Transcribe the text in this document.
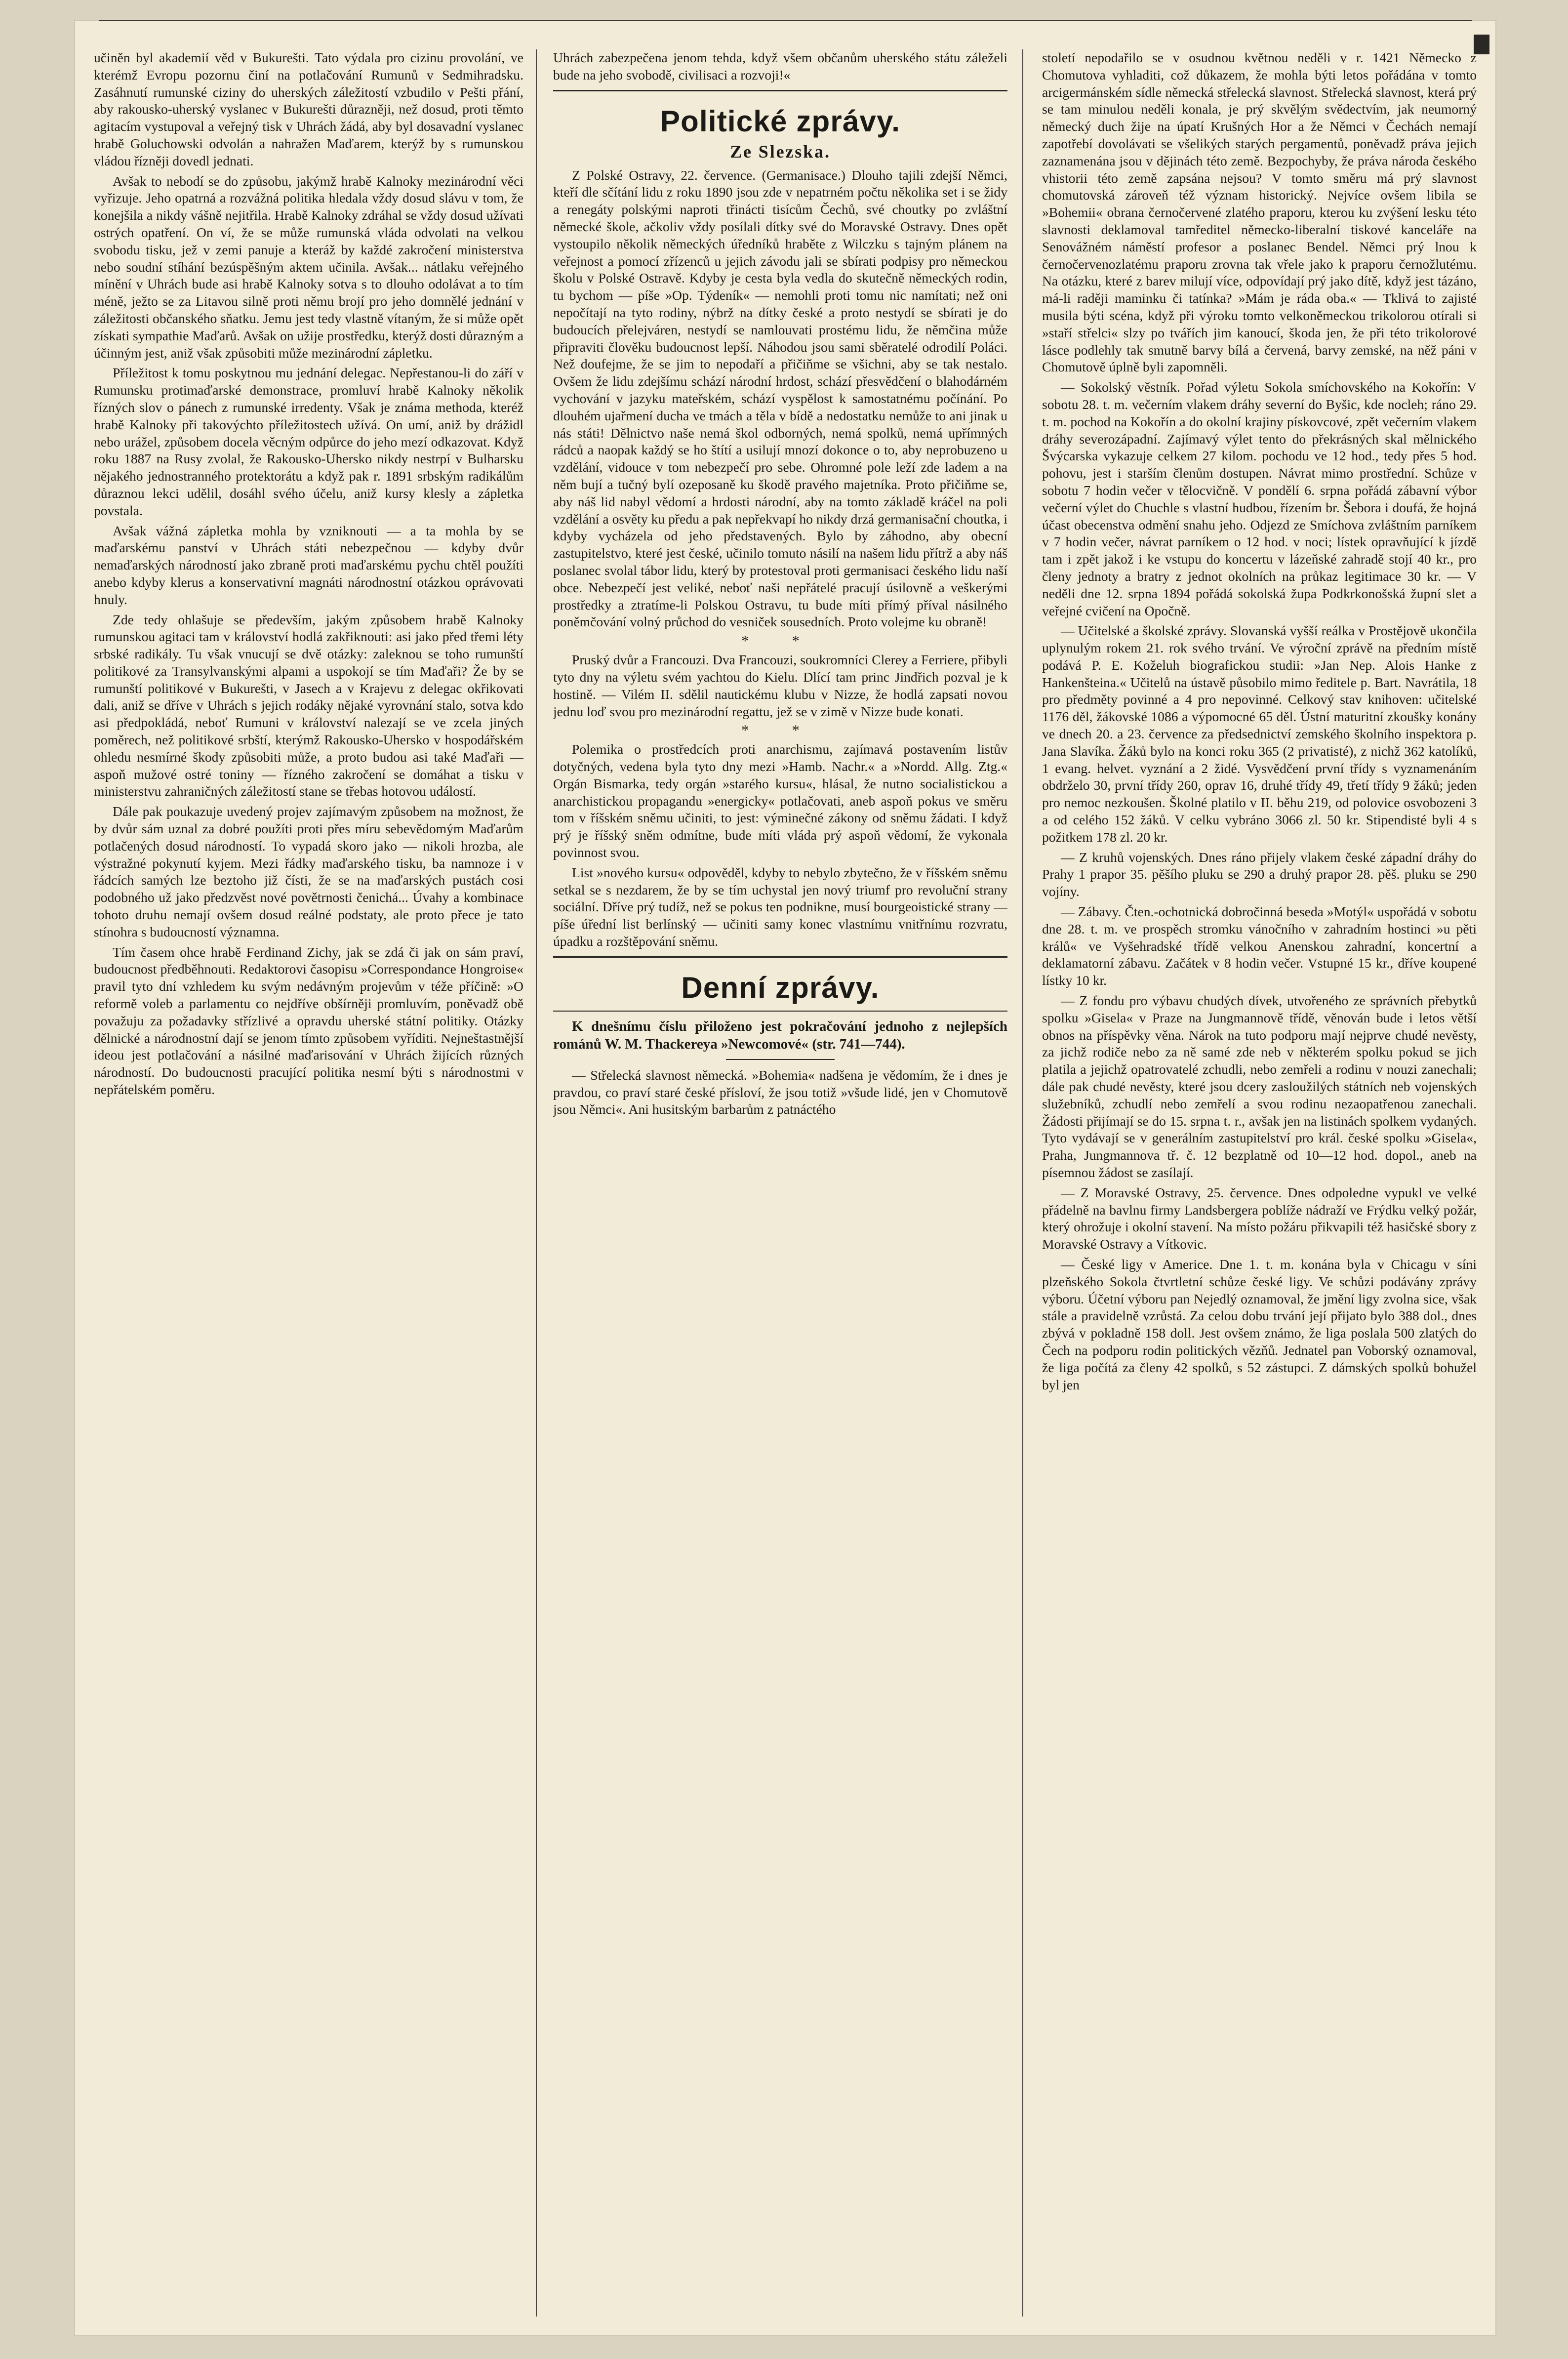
učiněn byl akademií věd v Bukurešti. Tato výdala pro cizinu provolání, ve kterémž Evropu pozornu činí na potlačování Rumunů v Sedmihradsku. Zasáhnutí rumunské ciziny do uherských záležitostí vzbudilo v Pešti přání, aby rakousko-uherský vyslanec v Bukurešti důrazněji, než dosud, proti těmto agitacím vystupoval a veřejný tisk v Uhrách žádá, aby byl dosavadní vyslanec hrabě Goluchowski odvolán a nahražen Maďarem, kterýž by s rumunskou vládou řízněji dovedl jednati.

Avšak to nebodí se do způsobu, jakýmž hrabě Kalnoky mezinárodní věci vyřizuje. Jeho opatrná a rozvážná politika hledala vždy dosud slávu v tom, že konejšila a nikdy vášně nejitřila. Hrabě Kalnoky zdráhal se vždy dosud užívati ostrých opatření. On ví, že se může rumunská vláda odvolati na velkou svobodu tisku, jež v zemi panuje a kteráž by každé zakročení ministerstva nebo soudní stíhání bezúspěšným aktem učinila. Avšak... nátlaku veřejného mínění v Uhrách bude asi hrabě Kalnoky sotva s to dlouho odolávat a to tím méně, ježto se za Litavou silně proti němu brojí pro jeho domnělé jednání v záležitosti občanského sňatku. Jemu jest tedy vlastně vítaným, že si může opět získati sympathie Maďarů. Avšak on užije prostředku, kterýž dosti důrazným a účinným jest, aniž však způsobiti může mezinárodní zápletku.

Příležitost k tomu poskytnou mu jednání delegac. Nepřestanou-li do září v Rumunsku protimaďarské demonstrace, promluví hrabě Kalnoky několik řízných slov o pánech z rumunské irredenty. Však je známa methoda, kteréž hrabě Kalnoky při takovýchto příležitostech užívá. On umí, aniž by drážidl nebo urážel, způsobem docela věcným odpůrce do jeho mezí odkazovat. Když roku 1887 na Rusy zvolal, že Rakousko-Uhersko nikdy nestrpí v Bulharsku nějakého jednostranného protektorátu a když pak r. 1891 srbským radikálům důraznou lekci udělil, dosáhl svého účelu, aniž kursy klesly a zápletka povstala.

Avšak vážná zápletka mohla by vzniknouti — a ta mohla by se maďarskému panství v Uhrách státi nebezpečnou — kdyby dvůr nemaďarských národností jako zbraně proti maďarskému pychu chtěl použíti anebo kdyby klerus a konservativní magnáti národnostní otázkou oprávovati hnuly.

Zde tedy ohlašuje se především, jakým způsobem hrabě Kalnoky rumunskou agitaci tam v království hodlá zakřiknouti: asi jako před třemi léty srbské radikály. Tu však vnucují se dvě otázky: zaleknou se toho rumunští politikové za Transylvanskými alpami a uspokojí se tím Maďaři? Že by se rumunští politikové v Bukurešti, v Jasech a v Krajevu z delegac okřikovati dali, aniž se dříve v Uhrách s jejich rodáky nějaké vyrovnání stalo, sotva kdo asi předpokládá, neboť Rumuni v království nalezají se ve zcela jiných poměrech, než politikové srbští, kterýmž Rakousko-Uhersko v hospodářském ohledu nesmírné škody způsobiti může, a proto budou asi také Maďaři — aspoň mužové ostré toniny — řízného zakročení se domáhat a tisku v ministerstvu zahraničných záležitostí stane se třebas hotovou událostí.

Dále pak poukazuje uvedený projev zajímavým způsobem na možnost, že by dvůr sám uznal za dobré použíti proti přes míru sebevědomým Maďarům potlačených dosud národností. To vypadá skoro jako — nikoli hrozba, ale výstražné pokynutí kyjem. Mezi řádky maďarského tisku, ba namnoze i v řádcích samých lze beztoho již čísti, že se na maďarských pustách cosi podobného už jako předzvěst nové povětrnosti čenichá... Úvahy a kombinace tohoto druhu nemají ovšem dosud reálné podstaty, ale proto přece je tato stínohra s budoucností významna.

Tím časem ohce hrabě Ferdinand Zichy, jak se zdá či jak on sám praví, budoucnost předběhnouti. Redaktorovi časopisu »Correspondance Hongroise« pravil tyto dní vzhledem ku svým nedávným projevům v téže příčině: »O reformě voleb a parlamentu co nejdříve obšírněji promluvím, poněvadž obě považuju za požadavky střízlivé a opravdu uherské státní politiky. Otázky dělnické a národnostní dají se jenom tímto způsobem vyříditi. Nejneštastnější ideou jest potlačování a násilné maďarisování v Uhrách žijících různých národností. Do budoucnosti pracující politika nesmí býti s národnostmi v nepřátelském poměru.

Uhrách zabezpečena jenom tehda, když všem občanům uherského státu záleželi bude na jeho svobodě, civilisaci a rozvoji!«

Politické zprávy.
Ze Slezska.

Z Polské Ostravy, 22. července. (Germanisace.) Dlouho tajili zdejší Němci, kteří dle sčítání lidu z roku 1890 jsou zde v nepatrném počtu několika set i se židy a renegáty polskými naproti třinácti tisícům Čechů, své choutky po zvláštní německé škole, ačkoliv vždy posílali dítky své do Moravské Ostravy. Dnes opět vystoupilo několik německých úředníků hraběte z Wilczku s tajným plánem na veřejnost a pomocí zřízenců u jejich závodu jali se sbírati podpisy pro německou školu v Polské Ostravě. Kdyby je cesta byla vedla do skutečně německých rodin, tu bychom — píše »Op. Týdeník« — nemohli proti tomu nic namítati; než oni nepočítají na tyto rodiny, nýbrž na dítky české a proto nestydí se sbírati je do budoucích přelejváren, nestydí se namlouvati prostému lidu, že němčina může připraviti člověku budoucnost lepší. Náhodou jsou sami sběratelé odrodilí Poláci. Než doufejme, že se jim to nepodaří a přičiňme se všichni, aby se tak nestalo. Ovšem že lidu zdejšímu schází národní hrdost, schází přesvědčení o blahodárném vychování v jazyku mateřském, schází vyspělost k samostatnému počínání. Po dlouhém ujařmení ducha ve tmách a těla v bídě a nedostatku nemůže to ani jinak u nás státi! Dělnictvo naše nemá škol odborných, nemá spolků, nemá upřímných rádců a naopak každý se ho štítí a usilují mnozí dokonce o to, aby neprobuzeno u vzdělání, vidouce v tom nebezpečí pro sebe. Ohromné pole leží zde ladem a na něm bují a tučný bylí ozeposaně ku škodě pravého majetníka. Proto přičiňme se, aby náš lid nabyl vědomí a hrdosti národní, aby na tomto základě kráčel na poli vzdělání a osvěty ku předu a pak nepřekvapí ho nikdy drzá germanisační choutka, i kdyby vycházela od jeho představených. Bylo by záhodno, aby obecní zastupitelstvo, které jest české, učinilo tomuto násilí na našem lidu přítrž a aby náš poslanec svolal tábor lidu, který by protestoval proti germanisaci českého lidu naší obce. Nebezpečí jest veliké, neboť naši nepřátelé pracují úsilovně a veškerými prostředky a ztratíme-li Polskou Ostravu, tu bude míti přímý příval násilného poněmčování volný průchod do vesniček sousedních. Proto volejme ku obraně!

* *

Pruský dvůr a Francouzi. Dva Francouzi, soukromníci Clerey a Ferriere, přibyli tyto dny na výletu svém yachtou do Kielu. Dlící tam princ Jindřich pozval je k hostině. — Vilém II. sdělil nautickému klubu v Nizze, že hodlá zapsati novou jednu loď svou pro mezinárodní regattu, jež se v zimě v Nizze bude konati.

* *

Polemika o prostředcích proti anarchismu, zajímavá postavením listův dotyčných, vedena byla tyto dny mezi »Hamb. Nachr.« a »Nordd. Allg. Ztg.« Orgán Bismarka, tedy orgán »starého kursu«, hlásal, že nutno socialistickou a anarchistickou propagandu »energicky« potlačovati, aneb aspoň pokus ve směru tom v říšském sněmu učiniti, to jest: výminečné zákony od sněmu žádati. I když prý je říšský sněm odmítne, bude míti vláda prý aspoň vědomí, že vykonala povinnost svou.

List »nového kursu« odpověděl, kdyby to nebylo zbytečno, že v říšském sněmu setkal se s nezdarem, že by se tím uchystal jen nový triumf pro revoluční strany sociální. Dříve prý tudíž, než se pokus ten podnikne, musí bourgeoistické strany — píše úřední list berlínský — učiniti samy konec vlastnímu vnitřnímu rozvratu, úpadku a rozštěpování sněmu.

Denní zprávy.
K dnešnímu číslu přiloženo jest pokračování jednoho z nejlepších románů W. M. Thackereya »Newcomové« (str. 741—744).

— Střelecká slavnost německá. »Bohemia« nadšena je vědomím, že i dnes je pravdou, co praví staré české přísloví, že jsou totiž »všude lidé, jen v Chomutově jsou Němci«. Ani husitským barbarům z patnáctého

století nepodařilo se v osudnou květnou neděli v r. 1421 Německo z Chomutova vyhladiti, což důkazem, že mohla býti letos pořádána v tomto arcigermánském sídle německá střelecká slavnost. Střelecká slavnost, která prý se tam minulou neděli konala, je prý skvělým svědectvím, jak neumorný německý duch žije na úpatí Krušných Hor a že Němci v Čechách nemají zapotřebí dovolávati se všelikých starých pergamentů, poněvadž práva jejich zaznamenána jsou v dějinách této země. Bezpochyby, že práva národa českého vhistorii této země zapsána nejsou? V tomto směru má prý slavnost chomutovská zároveň též význam historický. Nejvíce ovšem libila se »Bohemii« obrana černočervené zlatého praporu, kterou ku zvýšení lesku této slavnosti deklamoval tamředitel německo-liberalní tiskové kanceláře na Senovážném náměstí profesor a poslanec Bendel. Němci prý lnou k černočervenozlatému praporu zrovna tak vřele jako k praporu černožlutému. Na otázku, které z barev milují více, odpovídají prý jako dítě, když jest tázáno, má-li raději maminku či tatínka? »Mám je ráda oba.« — Tklivá to zajisté musila býti scéna, když při výroku tomto velkoněmeckou trikolorou otírali si »staří střelci« slzy po tvářích jim kanoucí, škoda jen, že při této trikolorové lásce podlehly tak smutně barvy bílá a červená, barvy zemské, na něž páni v Chomutově úplně byli zapomněli.

— Sokolský věstník. Pořad výletu Sokola smíchovského na Kokořín: V sobotu 28. t. m. večerním vlakem dráhy severní do Byšic, kde nocleh; ráno 29. t. m. pochod na Kokořín a do okolní krajiny pískovcové, zpět večerním vlakem dráhy severozápadní. Zajímavý výlet tento do překrásných skal mělnického Švýcarska vykazuje celkem 27 kilom. pochodu ve 12 hod., tedy přes 5 hod. pohovu, jest i starším členům dostupen. Návrat mimo prostřední. Schůze v sobotu 7 hodin večer v tělocvičně. V pondělí 6. srpna pořádá zábavní výbor večerní výlet do Chuchle s vlastní hudbou, řízením br. Šebora i doufá, že hojná účast obecenstva odmění snahu jeho. Odjezd ze Smíchova zvláštním parníkem v 7 hodin večer, návrat parníkem o 12 hod. v noci; lístek opravňující k jízdě tam i zpět jakož i ke vstupu do koncertu v lázeňské zahradě stojí 40 kr., pro členy jednoty a bratry z jednot okolních na průkaz legitimace 30 kr. — V neděli dne 12. srpna 1894 pořádá sokolská župa Podkrkonošská župní slet a veřejné cvičení na Opočně.

— Učitelské a školské zprávy. Slovanská vyšší reálka v Prostějově ukončila uplynulým rokem 21. rok svého trvání. Ve výroční zprávě na předním místě podává P. E. Koželuh biografickou studii: »Jan Nep. Alois Hanke z Hankenšteina.« Učitelů na ústavě působilo mimo ředitele p. Bart. Navrátila, 18 pro předměty povinné a 4 pro nepovinné. Celkový stav knihoven: učitelské 1176 děl, žákovské 1086 a výpomocné 65 děl. Ústní maturitní zkoušky konány ve dnech 20. a 23. července za předsednictví zemského školního inspektora p. Jana Slavíka. Žáků bylo na konci roku 365 (2 privatisté), z nichž 362 katolíků, 1 evang. helvet. vyznání a 2 židé. Vysvědčení první třídy s vyznamenáním obdrželo 30, první třídy 260, oprav 16, druhé třídy 49, třetí třídy 9 žáků; jeden pro nemoc nezkoušen. Školné platilo v II. běhu 219, od polovice osvobozeni 3 a od celého 152 žáků. V celku vybráno 3066 zl. 50 kr. Stipendisté byli 4 s požitkem 178 zl. 20 kr.

— Z kruhů vojenských. Dnes ráno přijely vlakem české západní dráhy do Prahy 1 prapor 35. pěšího pluku se 290 a druhý prapor 28. pěš. pluku se 290 vojíny.

— Zábavy. Čten.-ochotnická dobročinná beseda »Motýl« uspořádá v sobotu dne 28. t. m. ve prospěch stromku vánočního v zahradním hostinci »u pěti králů« ve Vyšehradské třídě velkou Anenskou zahradní, koncertní a deklamatorní zábavu. Začátek v 8 hodin večer. Vstupné 15 kr., dříve koupené lístky 10 kr.

— Z fondu pro výbavu chudých dívek, utvořeného ze správních přebytků spolku »Gisela« v Praze na Jungmannově třídě, věnován bude i letos větší obnos na příspěvky věna. Nárok na tuto podporu mají nejprve chudé nevěsty, za jichž rodiče nebo za ně samé zde neb v některém spolku pokud se jich platila a jejichž opatrovatelé zchudli, nebo zemřeli a rodinu v nouzi zanechali; dále pak chudé nevěsty, které jsou dcery zasloužilých státních neb vojenských služebníků, zchudlí nebo zemřelí a svou rodinu nezaopatřenou zanechali. Žádosti přijímají se do 15. srpna t. r., avšak jen na listinách spolkem vydaných. Tyto vydávají se v generálním zastupitelství pro král. české spolku »Gisela«, Praha, Jungmannova tř. č. 12 bezplatně od 10—12 hod. dopol., aneb na písemnou žádost se zasílají.

— Z Moravské Ostravy, 25. července. Dnes odpoledne vypukl ve velké přádelně na bavlnu firmy Landsbergera poblíže nádraží ve Frýdku velký požár, který ohrožuje i okolní stavení. Na místo požáru přikvapili též hasičské sbory z Moravské Ostravy a Vítkovic.

— České ligy v Americe. Dne 1. t. m. konána byla v Chicagu v síni plzeňského Sokola čtvrtletní schůze české ligy. Ve schůzi podávány zprávy výboru. Účetní výboru pan Nejedlý oznamoval, že jmění ligy zvolna sice, však stále a pravidelně vzrůstá. Za celou dobu trvání její přijato bylo 388 dol., dnes zbývá v pokladně 158 doll. Jest ovšem známo, že liga poslala 500 zlatých do Čech na podporu rodin politických vězňů. Jednatel pan Voborský oznamoval, že liga počítá za členy 42 spolků, s 52 zástupci. Z dámských spolků bohužel byl jen
